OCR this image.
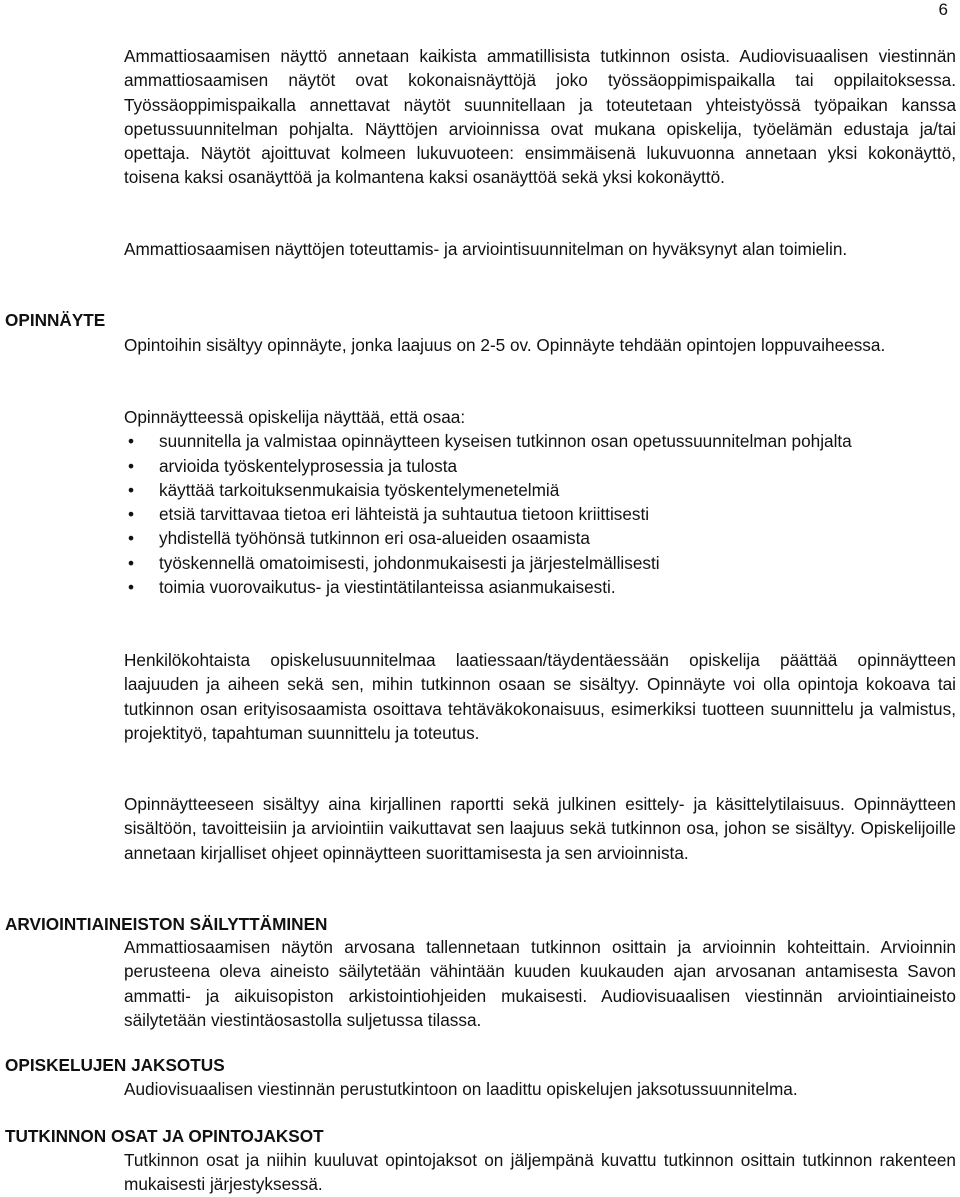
6

Ammattiosaamisen näyttö annetaan kaikista ammatillisista tutkinnon osista. Audiovisuaalisen viestinnän ammattiosaamisen näytöt ovat kokonaisnäyttöjä joko työssäoppimispaikalla tai oppilaitoksessa. Työssäoppimispaikalla annettavat näytöt suunnitellaan ja toteutetaan yhteistyössä työpaikan kanssa opetussuunnitelman pohjalta. Näyttöjen arvioinnissa ovat mukana opiskelija, työelämän edustaja ja/tai opettaja. Näytöt ajoittuvat kolmeen lukuvuoteen: ensimmäisenä lukuvuonna annetaan yksi kokonäyttö, toisena kaksi osanäyttöä ja kolmantena kaksi osanäyttöä sekä yksi kokonäyttö.

Ammattiosaamisen näyttöjen toteuttamis- ja arviointisuunnitelman on hyväksynyt alan toimielin.

OPINNÄYTE

Opintoihin sisältyy opinnäyte, jonka laajuus on 2-5 ov. Opinnäyte tehdään opintojen loppuvaiheessa.

Opinnäytteessä opiskelija näyttää, että osaa:

• suunnitella ja valmistaa opinnäytteen kyseisen tutkinnon osan opetussuunnitelman pohjalta
• arvioida työskentelyprosessia ja tulosta
• käyttää tarkoituksenmukaisia työskentelymenetelmiä
• etsiä tarvittavaa tietoa eri lähteistä ja suhtautua tietoon kriittisesti
• yhdistellä työhönsä tutkinnon eri osa-alueiden osaamista
• työskennellä omatoimisesti, johdonmukaisesti ja järjestelmällisesti
• toimia vuorovaikutus- ja viestintätilanteissa asianmukaisesti.

Henkilökohtaista opiskelusuunnitelmaa laatiessaan/täydentäessään opiskelija päättää opinnäytteen laajuuden ja aiheen sekä sen, mihin tutkinnon osaan se sisältyy. Opinnäyte voi olla opintoja kokoava tai tutkinnon osan erityisosaamista osoittava tehtäväkokonaisuus, esimerkiksi tuotteen suunnittelu ja valmistus, projektityö, tapahtuman suunnittelu ja toteutus.

Opinnäytteeseen sisältyy aina kirjallinen raportti sekä julkinen esittely- ja käsittelytilaisuus. Opinnäytteen sisältöön, tavoitteisiin ja arviointiin vaikuttavat sen laajuus sekä tutkinnon osa, johon se sisältyy. Opiskelijoille annetaan kirjalliset ohjeet opinnäytteen suorittamisesta ja sen arvioinnista.

ARVIOINTIAINEISTON SÄILYTTÄMINEN

Ammattiosaamisen näytön arvosana tallennetaan tutkinnon osittain ja arvioinnin kohteittain. Arvioinnin perusteena oleva aineisto säilytetään vähintään kuuden kuukauden ajan arvosanan antamisesta Savon ammatti- ja aikuisopiston arkistointiohjeiden mukaisesti. Audiovisuaalisen viestinnän arviointiaineisto säilytetään viestintäosastolla suljetussa tilassa.

OPISKELUJEN JAKSOTUS

Audiovisuaalisen viestinnän perustutkintoon on laadittu opiskelujen jaksotussuunnitelma.

TUTKINNON OSAT JA OPINTOJAKSOT

Tutkinnon osat ja niihin kuuluvat opintojaksot on jäljempänä kuvattu tutkinnon osittain tutkinnon rakenteen mukaisesti järjestyksessä.
